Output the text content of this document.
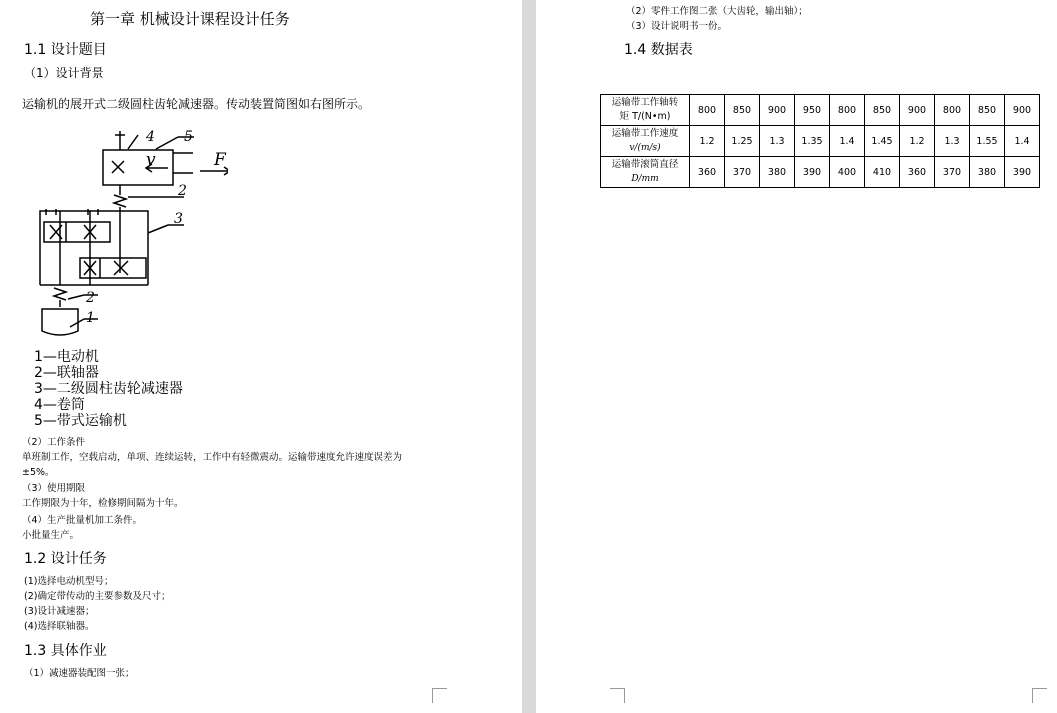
第一章 机械设计课程设计任务
1.1 设计题目
（1）设计背景
运输机的展开式二级圆柱齿轮减速器。传动装置简图如右图所示。
4 5
v	F
2
3
2
1
1—电动机
2—联轴器
3—二级圆柱齿轮减速器
4—卷筒
5—带式运输机
（2）工作条件
单班制工作，空载启动，单项、连续运转，工作中有轻微震动。运输带速度允许速度误差为
±5%。
（3）使用期限
工作期限为十年，检修期间隔为十年。
（4）生产批量机加工条件。
小批量生产。
1.2 设计任务
(1)选择电动机型号；
(2)确定带传动的主要参数及尺寸；
(3)设计减速器；
(4)选择联轴器。
1.3 具体作业
（1）减速器装配图一张；
（2）零件工作图二张（大齿轮，输出轴）；
（3）设计说明书一份。
1.4 数据表
运输带工作轴转
矩 T/(N•m)	800	850	900	950	800	850	900	800	850	900
运输带工作速度
v/(m/s)	1.2	1.25	1.3	1.35	1.4	1.45	1.2	1.3	1.55	1.4
运输带滚筒直径
D/mm	360	370	380	390	400	410	360	370	380	390
